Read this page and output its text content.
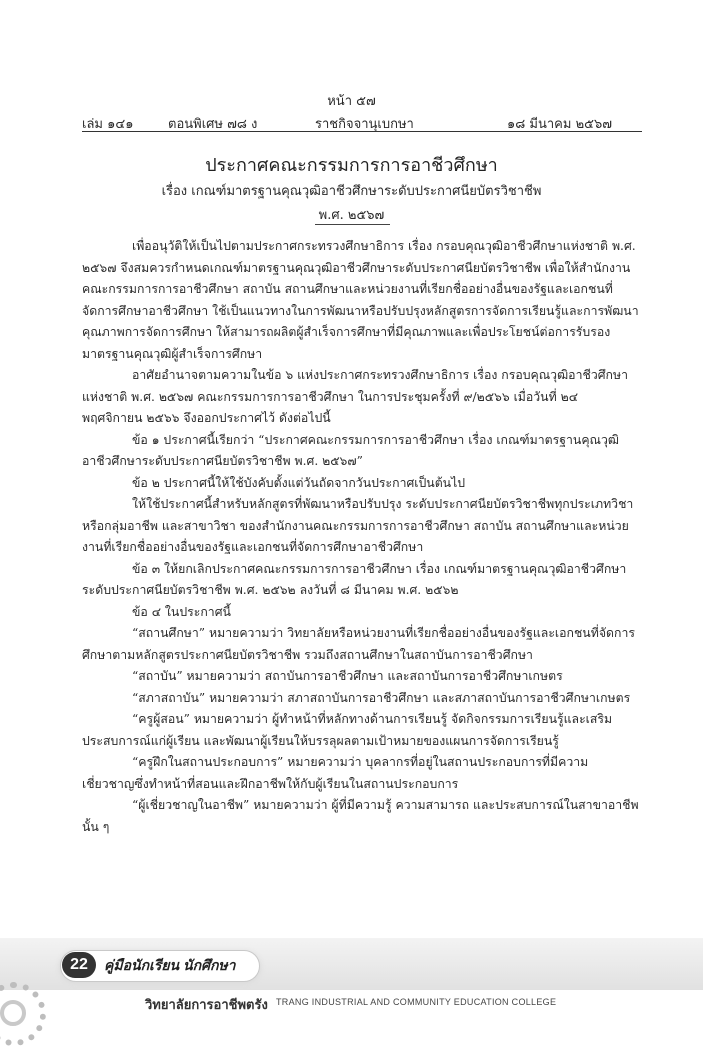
หน้า ๕๗
เล่ม ๑๔๑	ตอนพิเศษ ๗๘ ง	ราชกิจจานุเบกษา	๑๘ มีนาคม ๒๕๖๗
ประกาศคณะกรรมการการอาชีวศึกษา
เรื่อง เกณฑ์มาตรฐานคุณวุฒิอาชีวศึกษาระดับประกาศนียบัตรวิชาชีพ
พ.ศ. ๒๕๖๗

เพื่ออนุวัติให้เป็นไปตามประกาศกระทรวงศึกษาธิการ เรื่อง กรอบคุณวุฒิอาชีวศึกษาแห่งชาติ พ.ศ. ๒๕๖๗ จึงสมควรกำหนดเกณฑ์มาตรฐานคุณวุฒิอาชีวศึกษาระดับประกาศนียบัตรวิชาชีพ เพื่อให้สำนักงานคณะกรรมการการอาชีวศึกษา สถาบัน สถานศึกษาและหน่วยงานที่เรียกชื่ออย่างอื่นของรัฐและเอกชนที่จัดการศึกษาอาชีวศึกษา ใช้เป็นแนวทางในการพัฒนาหรือปรับปรุงหลักสูตรการจัดการเรียนรู้และการพัฒนาคุณภาพการจัดการศึกษา ให้สามารถผลิตผู้สำเร็จการศึกษาที่มีคุณภาพและเพื่อประโยชน์ต่อการรับรองมาตรฐานคุณวุฒิผู้สำเร็จการศึกษา

อาศัยอำนาจตามความในข้อ ๖ แห่งประกาศกระทรวงศึกษาธิการ เรื่อง กรอบคุณวุฒิอาชีวศึกษาแห่งชาติ พ.ศ. ๒๕๖๗ คณะกรรมการการอาชีวศึกษา ในการประชุมครั้งที่ ๙/๒๕๖๖ เมื่อวันที่ ๒๔ พฤศจิกายน ๒๕๖๖ จึงออกประกาศไว้ ดังต่อไปนี้

ข้อ ๑ ประกาศนี้เรียกว่า “ประกาศคณะกรรมการการอาชีวศึกษา เรื่อง เกณฑ์มาตรฐานคุณวุฒิอาชีวศึกษาระดับประกาศนียบัตรวิชาชีพ พ.ศ. ๒๕๖๗”

ข้อ ๒ ประกาศนี้ให้ใช้บังคับตั้งแต่วันถัดจากวันประกาศเป็นต้นไป

ให้ใช้ประกาศนี้สำหรับหลักสูตรที่พัฒนาหรือปรับปรุง ระดับประกาศนียบัตรวิชาชีพทุกประเภทวิชาหรือกลุ่มอาชีพ และสาขาวิชา ของสำนักงานคณะกรรมการการอาชีวศึกษา สถาบัน สถานศึกษาและหน่วยงานที่เรียกชื่ออย่างอื่นของรัฐและเอกชนที่จัดการศึกษาอาชีวศึกษา

ข้อ ๓ ให้ยกเลิกประกาศคณะกรรมการการอาชีวศึกษา เรื่อง เกณฑ์มาตรฐานคุณวุฒิอาชีวศึกษาระดับประกาศนียบัตรวิชาชีพ พ.ศ. ๒๕๖๒ ลงวันที่ ๘ มีนาคม พ.ศ. ๒๕๖๒

ข้อ ๔ ในประกาศนี้

“สถานศึกษา” หมายความว่า วิทยาลัยหรือหน่วยงานที่เรียกชื่ออย่างอื่นของรัฐและเอกชนที่จัดการศึกษาตามหลักสูตรประกาศนียบัตรวิชาชีพ รวมถึงสถานศึกษาในสถาบันการอาชีวศึกษา

“สถาบัน” หมายความว่า สถาบันการอาชีวศึกษา และสถาบันการอาชีวศึกษาเกษตร

“สภาสถาบัน” หมายความว่า สภาสถาบันการอาชีวศึกษา และสภาสถาบันการอาชีวศึกษาเกษตร

“ครูผู้สอน” หมายความว่า ผู้ทำหน้าที่หลักทางด้านการเรียนรู้ จัดกิจกรรมการเรียนรู้และเสริมประสบการณ์แก่ผู้เรียน และพัฒนาผู้เรียนให้บรรลุผลตามเป้าหมายของแผนการจัดการเรียนรู้

“ครูฝึกในสถานประกอบการ” หมายความว่า บุคลากรที่อยู่ในสถานประกอบการที่มีความเชี่ยวชาญซึ่งทำหน้าที่สอนและฝึกอาชีพให้กับผู้เรียนในสถานประกอบการ

“ผู้เชี่ยวชาญในอาชีพ” หมายความว่า ผู้ที่มีความรู้ ความสามารถ และประสบการณ์ในสาขาอาชีพนั้น ๆ

22	คู่มือนักเรียน นักศึกษา
วิทยาลัยการอาชีพตรัง TRANG INDUSTRIAL AND COMMUNITY EDUCATION COLLEGE
